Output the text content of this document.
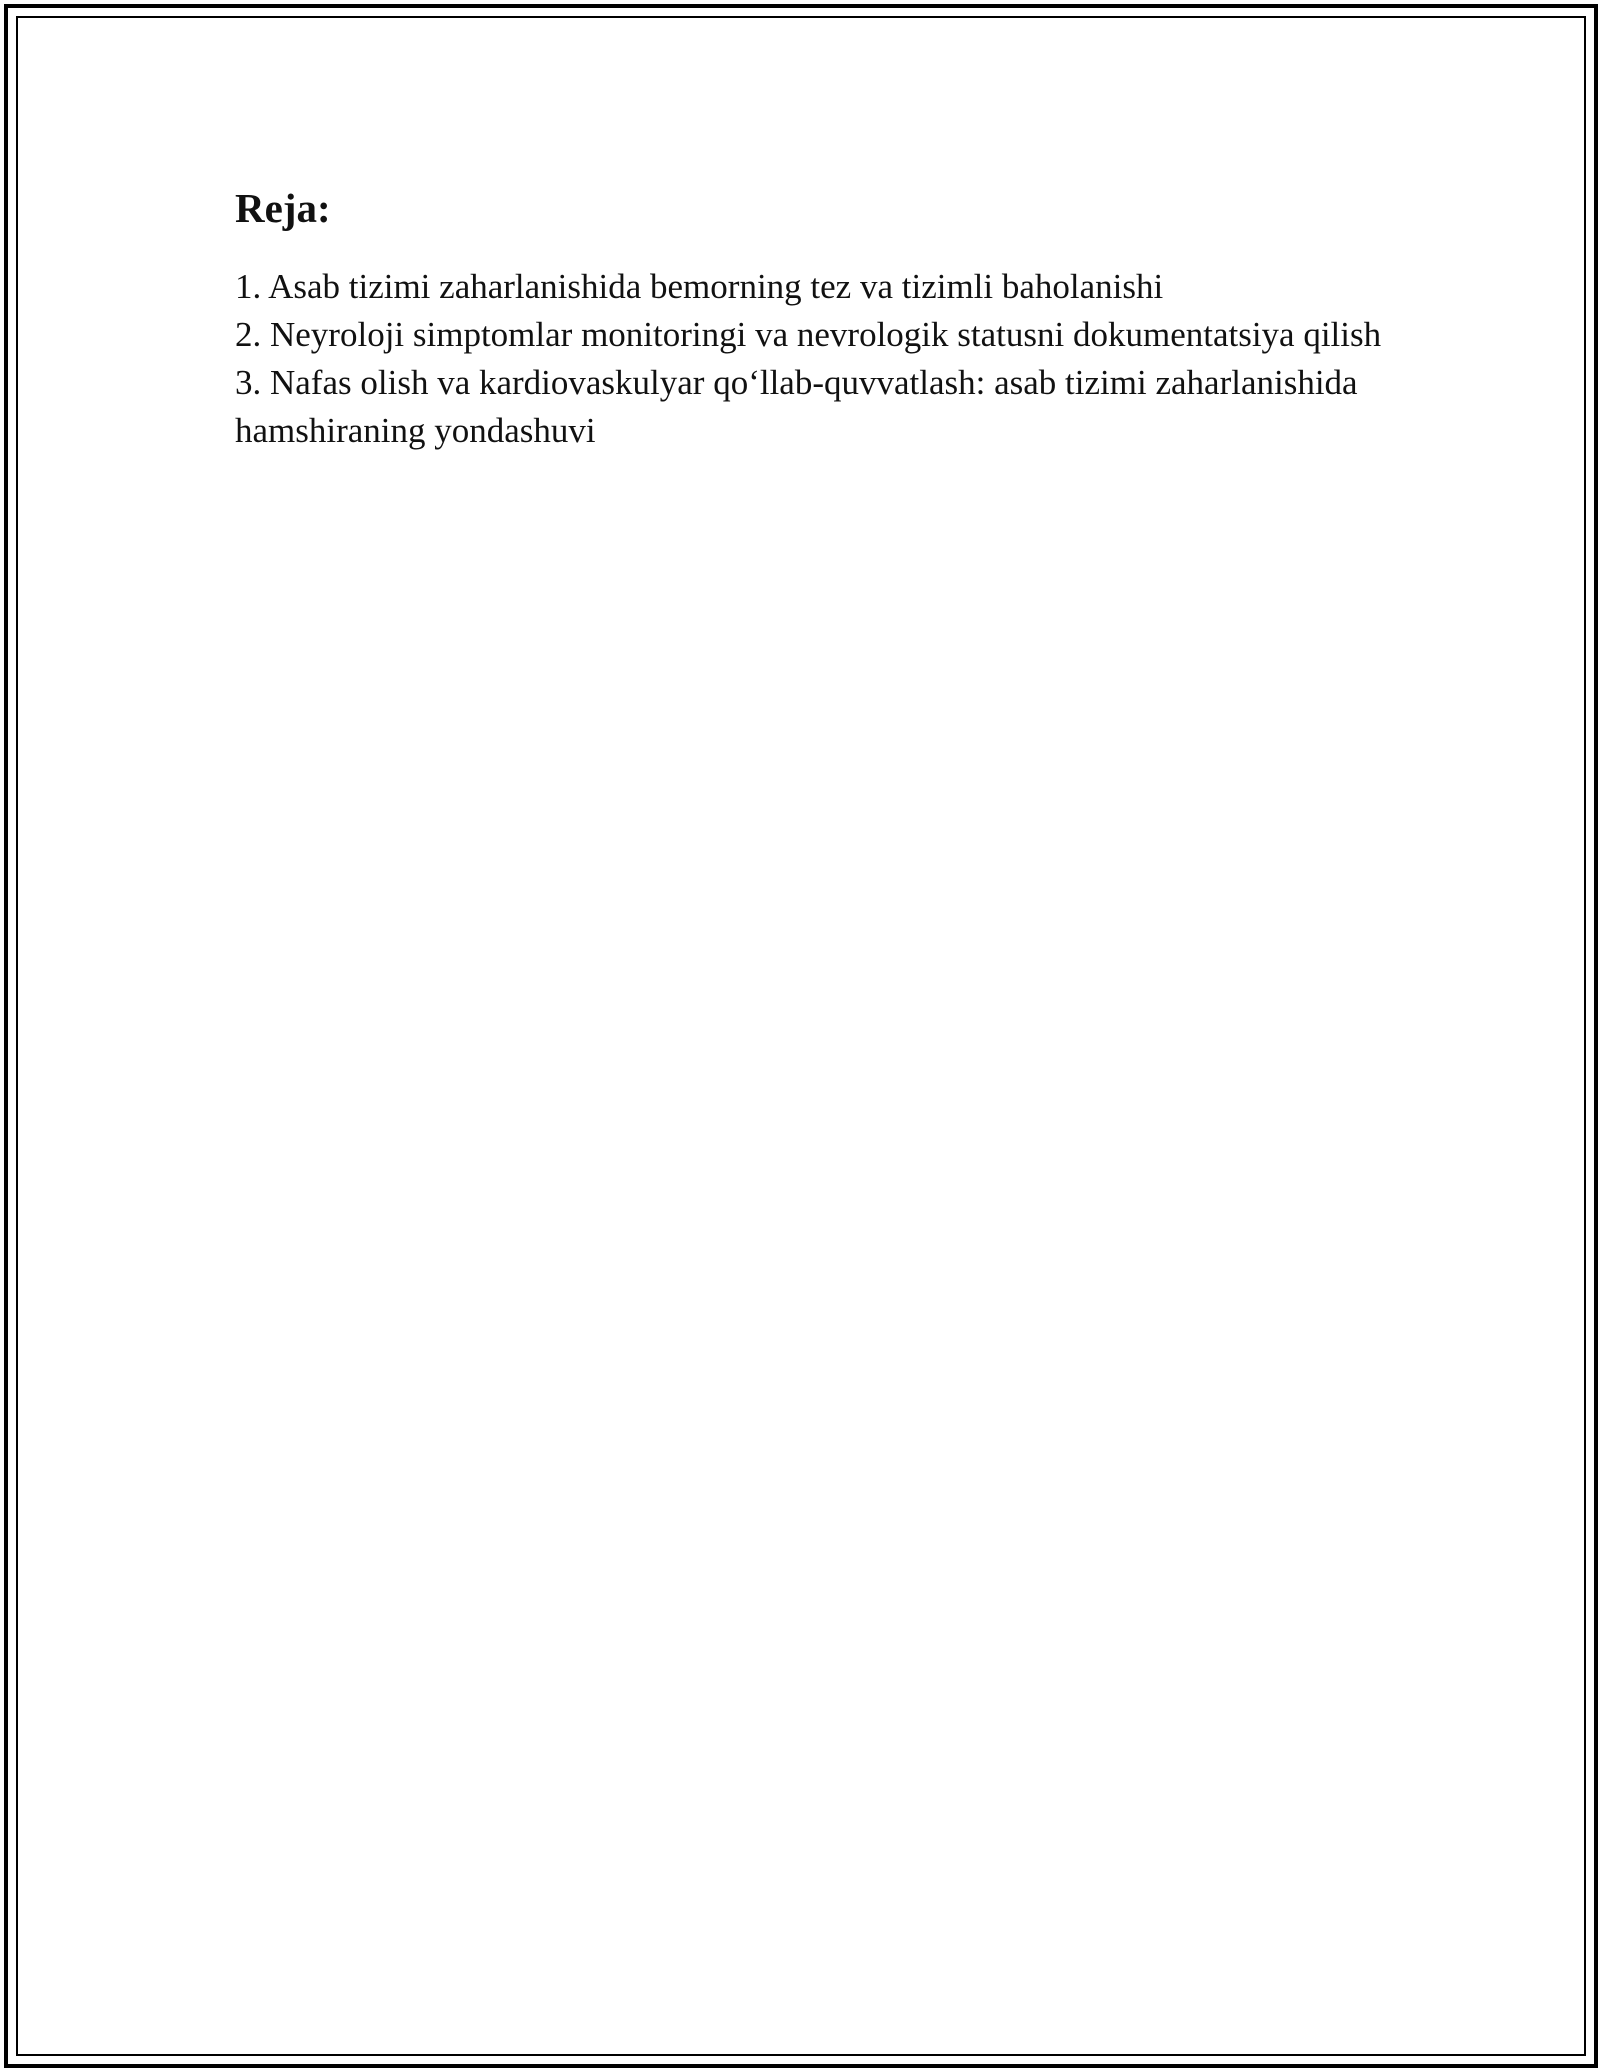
Reja:
1. Asab tizimi zaharlanishida bemorning tez va tizimli baholanishi
2. Neyroloji simptomlar monitoringi va nevrologik statusni dokumentatsiya qilish
3. Nafas olish va kardiovaskulyar qo‘llab-quvvatlash: asab tizimi zaharlanishida hamshiraning yondashuvi
